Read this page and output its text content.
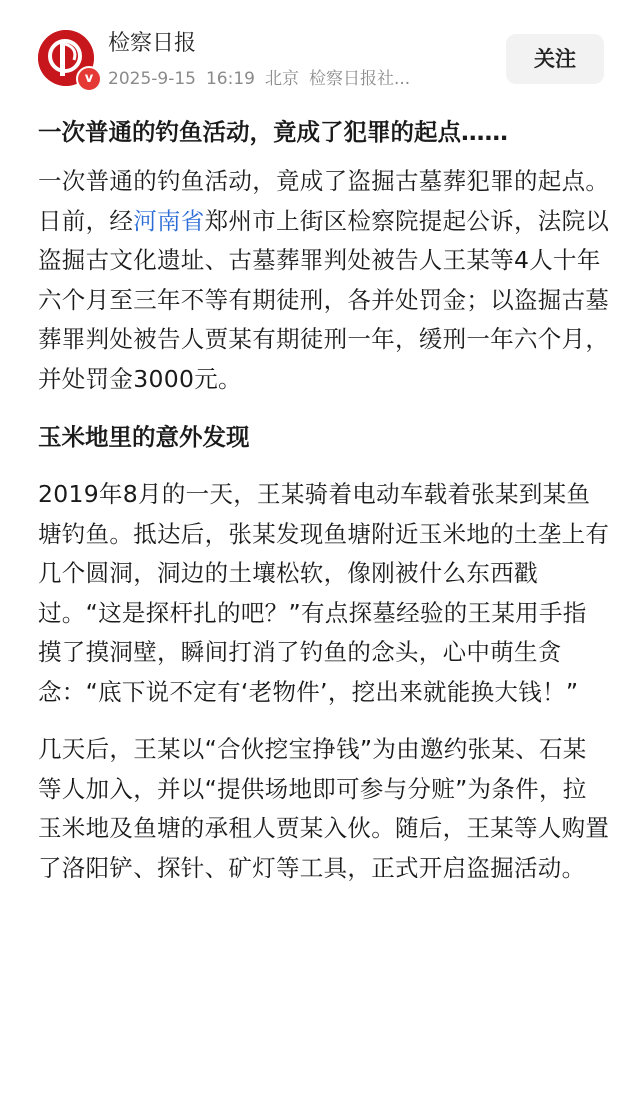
v
检察日报
2025-9-15 16:19 北京 检察日报社...
关注
一次普通的钓鱼活动，竟成了犯罪的起点……

一次普通的钓鱼活动，竟成了盗掘古墓葬犯罪的起点。日前，经河南省郑州市上街区检察院提起公诉，法院以盗掘古文化遗址、古墓葬罪判处被告人王某等4人十年六个月至三年不等有期徒刑，各并处罚金；以盗掘古墓葬罪判处被告人贾某有期徒刑一年，缓刑一年六个月，并处罚金3000元。

玉米地里的意外发现

2019年8月的一天，王某骑着电动车载着张某到某鱼塘钓鱼。抵达后，张某发现鱼塘附近玉米地的土垄上有几个圆洞，洞边的土壤松软，像刚被什么东西戳过。“这是探杆扎的吧？”有点探墓经验的王某用手指摸了摸洞壁，瞬间打消了钓鱼的念头，心中萌生贪念：“底下说不定有‘老物件’，挖出来就能换大钱！”

几天后，王某以“合伙挖宝挣钱”为由邀约张某、石某等人加入，并以“提供场地即可参与分赃”为条件，拉玉米地及鱼塘的承租人贾某入伙。随后，王某等人购置了洛阳铲、探针、矿灯等工具，正式开启盗掘活动。
